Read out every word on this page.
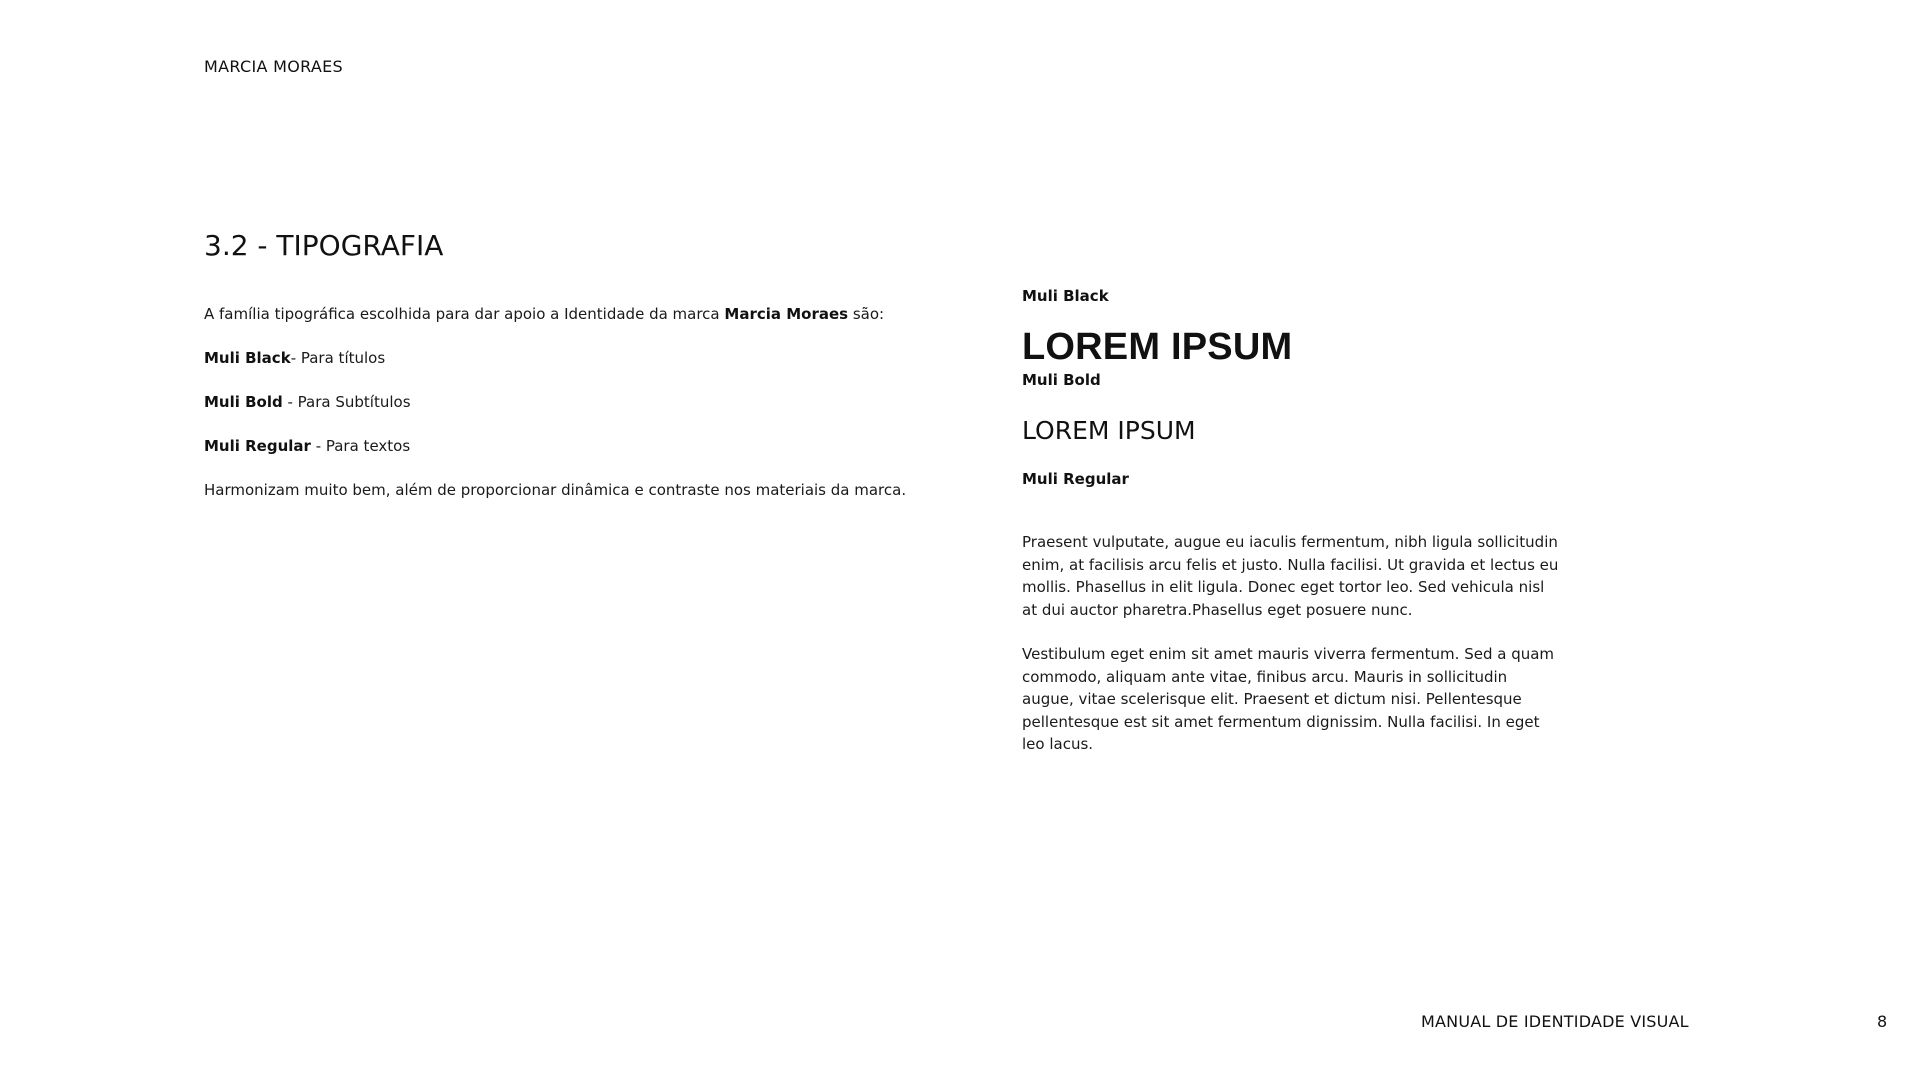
MARCIA MORAES
3.2 - TIPOGRAFIA

A família tipográfica escolhida para dar apoio a Identidade da marca Marcia Moraes são:

Muli Black- Para títulos

Muli Bold - Para Subtítulos

Muli Regular - Para textos

Harmonizam muito bem, além de proporcionar dinâmica e contraste nos materiais da marca.

Muli Black
LOREM IPSUM
Muli Bold
LOREM IPSUM
Muli Regular

Praesent vulputate, augue eu iaculis fermentum, nibh ligula sollicitudin enim, at facilisis arcu felis et justo. Nulla facilisi. Ut gravida et lectus eu mollis. Phasellus in elit ligula. Donec eget tortor leo. Sed vehicula nisl at dui auctor pharetra.Phasellus eget posuere nunc.

Vestibulum eget enim sit amet mauris viverra fermentum. Sed a quam commodo, aliquam ante vitae, finibus arcu. Mauris in sollicitudin augue, vitae scelerisque elit. Praesent et dictum nisi. Pellentesque pellentesque est sit amet fermentum dignissim. Nulla facilisi. In eget leo lacus.

MANUAL DE IDENTIDADE VISUAL	8
